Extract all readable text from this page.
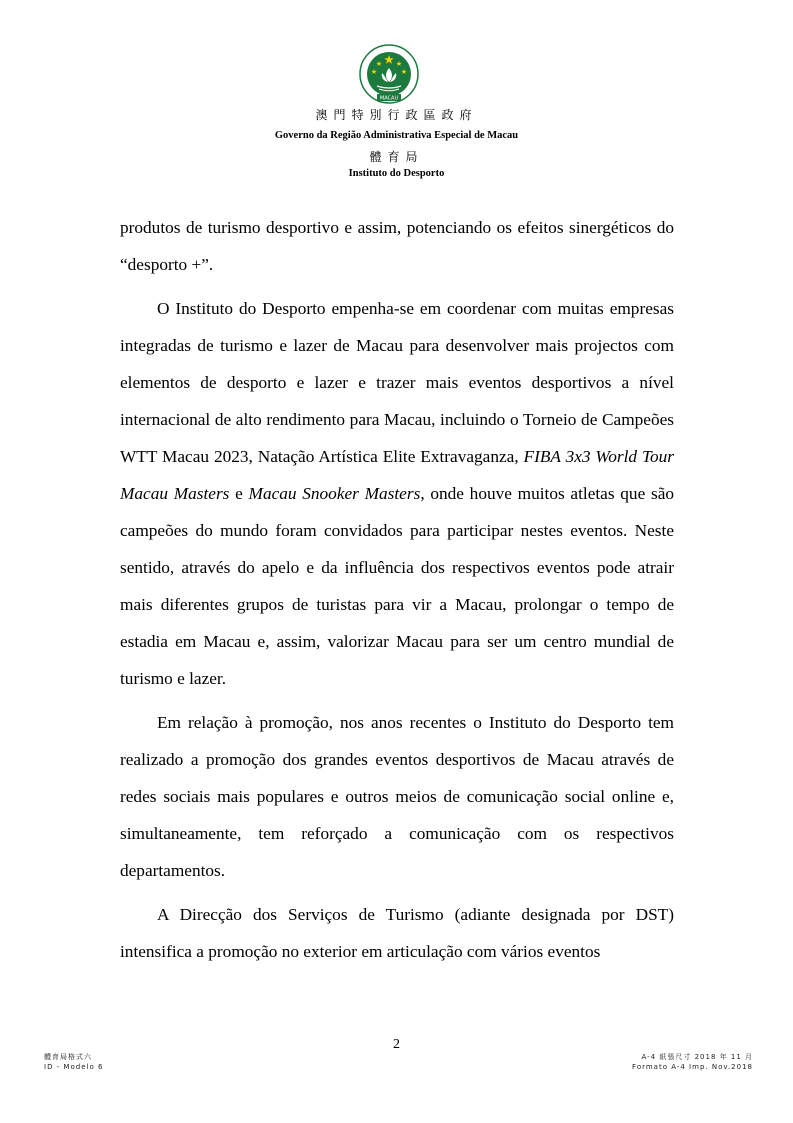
MACAU
澳門特別行政區政府
Governo da Região Administrativa Especial de Macau
體育局
Instituto do Desporto

produtos de turismo desportivo e assim, potenciando os efeitos sinergéticos do “desporto +”.

O Instituto do Desporto empenha-se em coordenar com muitas empresas integradas de turismo e lazer de Macau para desenvolver mais projectos com elementos de desporto e lazer e trazer mais eventos desportivos a nível internacional de alto rendimento para Macau, incluindo o Torneio de Campeões WTT Macau 2023, Natação Artística Elite Extravaganza, FIBA 3x3 World Tour Macau Masters e Macau Snooker Masters, onde houve muitos atletas que são campeões do mundo foram convidados para participar nestes eventos. Neste sentido, através do apelo e da influência dos respectivos eventos pode atrair mais diferentes grupos de turistas para vir a Macau, prolongar o tempo de estadia em Macau e, assim, valorizar Macau para ser um centro mundial de turismo e lazer.

Em relação à promoção, nos anos recentes o Instituto do Desporto tem realizado a promoção dos grandes eventos desportivos de Macau através de redes sociais mais populares e outros meios de comunicação social online e, simultaneamente, tem reforçado a comunicação com os respectivos departamentos.

A Direcção dos Serviços de Turismo (adiante designada por DST) intensifica a promoção no exterior em articulação com vários eventos

2
體育局格式六
ID - Modelo 6
A-4 紙張尺寸 2018 年 11 月
Formato A-4 Imp. Nov.2018
